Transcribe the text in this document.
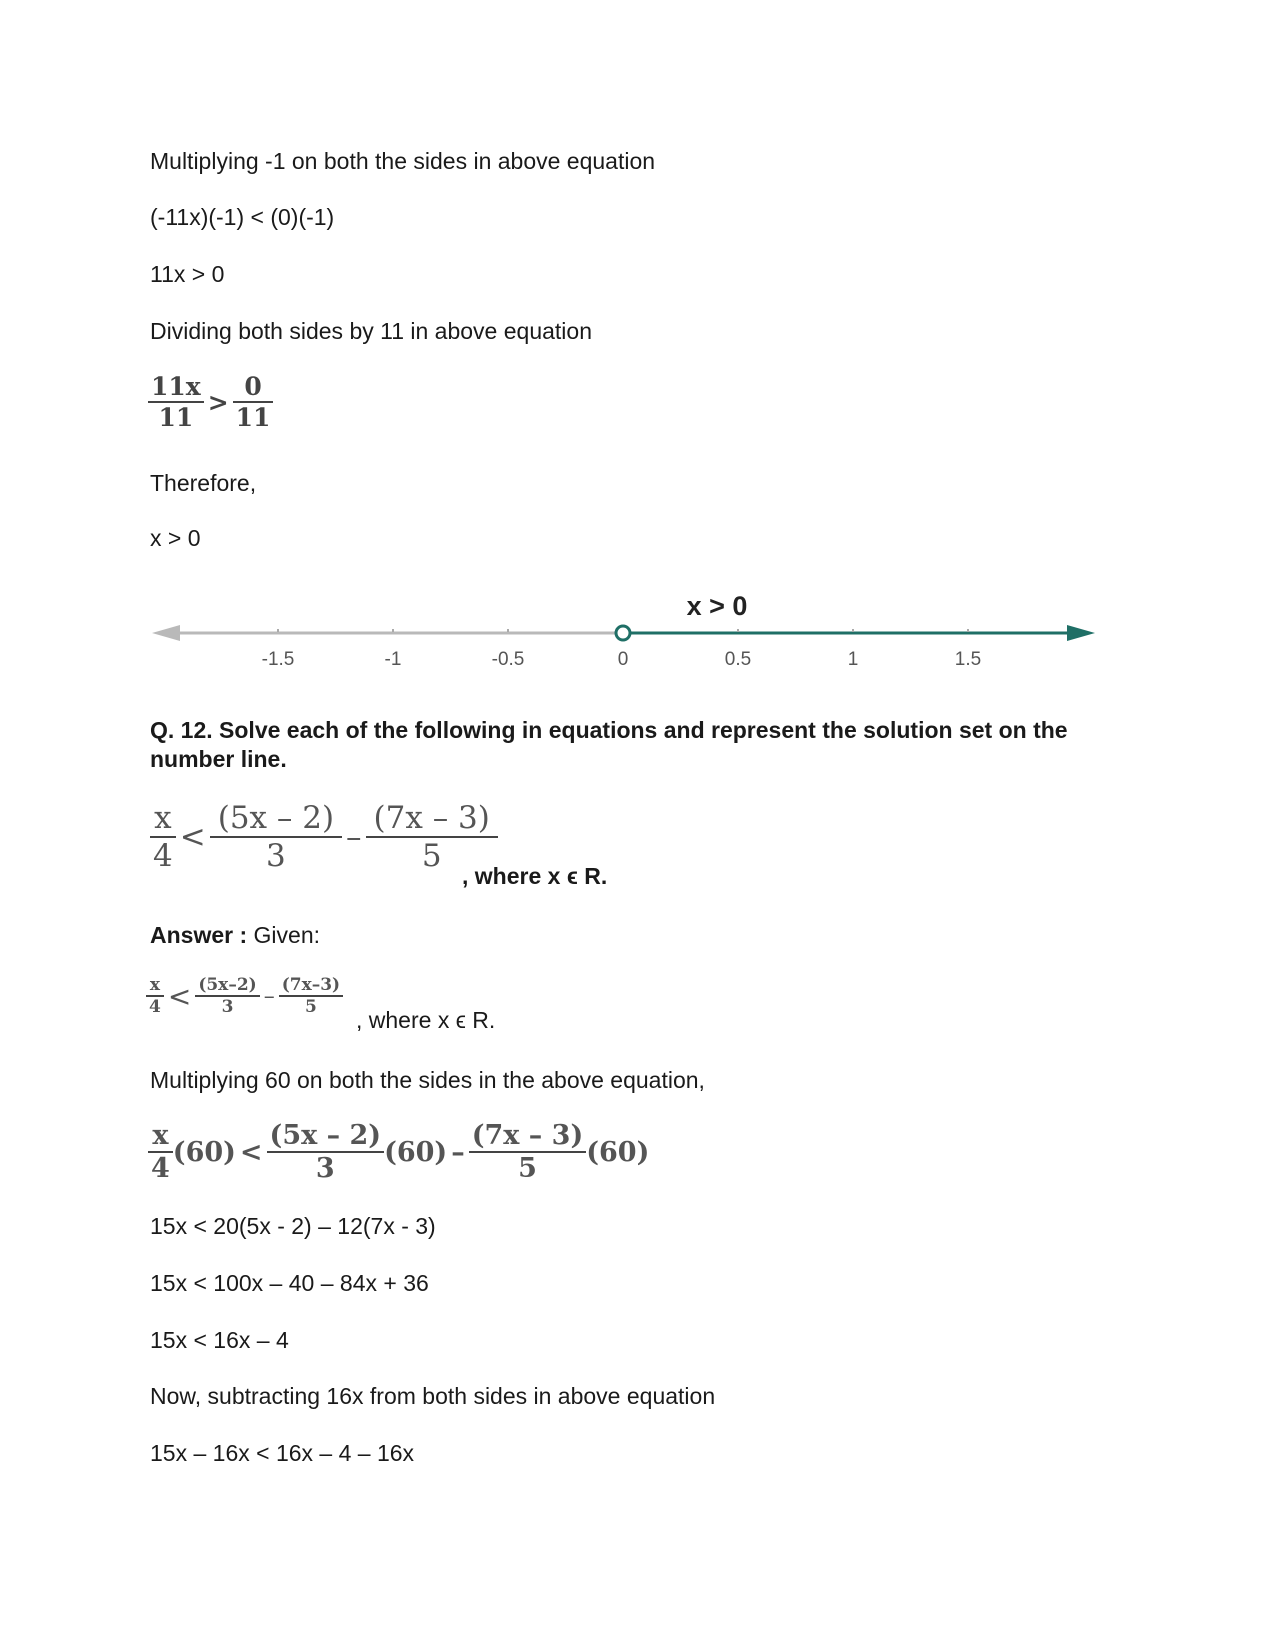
Multiplying -1 on both the sides in above equation
(-11x)(-1) < (0)(-1)
11x > 0
Dividing both sides by 11 in above equation
$\frac{11x}{11} > \frac{0}{11}$
Therefore,
x > 0
x > 0
-1.5	-1	-0.5	0	0.5	1	1.5
Q. 12. Solve each of the following in equations and represent the solution set on the number line.
$\frac{x}{4} < \frac{(5x - 2)}{3} - \frac{(7x - 3)}{5}$
, where x ϵ R.
Answer : Given:
$\frac{x}{4} < \frac{(5x-2)}{3} - \frac{(7x-3)}{5}$
, where x ϵ R.
Multiplying 60 on both the sides in the above equation,
$\frac{x}{4} (60) < \frac{(5x - 2)}{3} (60) - \frac{(7x - 3)}{5} (60)$
15x < 20(5x - 2) – 12(7x - 3)
15x < 100x – 40 – 84x + 36
15x < 16x – 4
Now, subtracting 16x from both sides in above equation
15x – 16x < 16x – 4 – 16x
